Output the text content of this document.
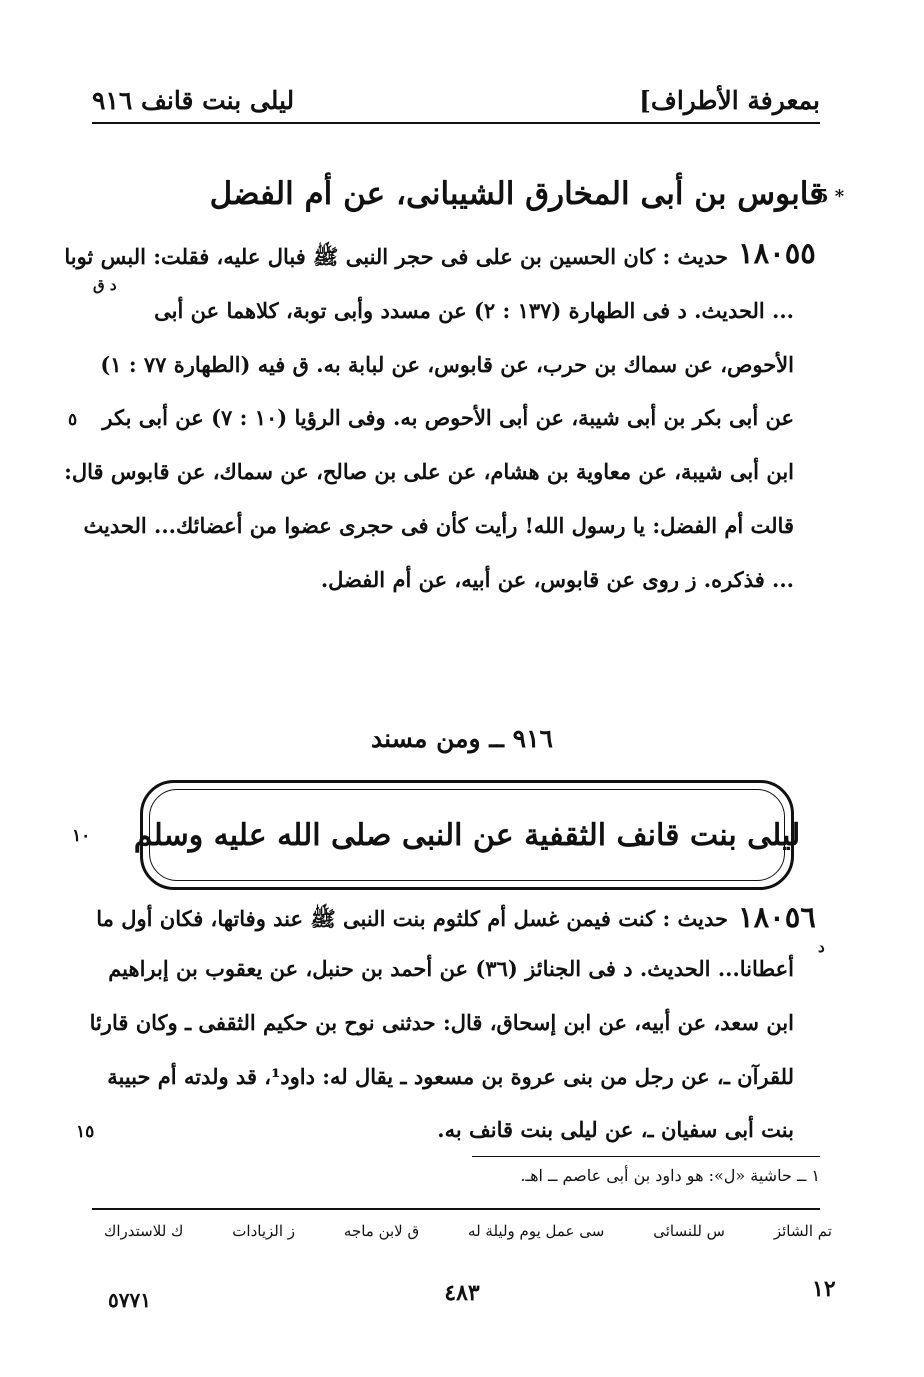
بمعرفة الأطراف]
ليلى بنت قانف ٩١٦
قابوس بن أبى المخارق الشيبانى، عن أم الفضل
5 *
١٨٠٥٥
حديث : كان الحسين بن على فى حجر النبى ﷺ فبال عليه، فقلت: البس ثوبا
د ق
... الحديث. د فى الطهارة (١٣٧ : ٢) عن مسدد وأبى توبة، كلاهما عن أبى
الأحوص، عن سماك بن حرب، عن قابوس، عن لبابة به. ق فيه (الطهارة ٧٧ : ١)
عن أبى بكر بن أبى شيبة، عن أبى الأحوص به. وفى الرؤيا (١٠ : ٧) عن أبى بكر
٥
ابن أبى شيبة، عن معاوية بن هشام، عن على بن صالح، عن سماك، عن قابوس قال:
قالت أم الفضل: يا رسول الله! رأيت كأن فى حجرى عضوا من أعضائك... الحديث
... فذكره. ز روى عن قابوس، عن أبيه، عن أم الفضل.
٩١٦ ــ ومن مسند
ليلى بنت قانف الثقفية عن النبى صلى الله عليه وسلم
١٠
١٨٠٥٦
حديث : كنت فيمن غسل أم كلثوم بنت النبى ﷺ عند وفاتها، فكان أول ما
د
أعطانا... الحديث. د فى الجنائز (٣٦) عن أحمد بن حنبل، عن يعقوب بن إبراهيم
ابن سعد، عن أبيه، عن ابن إسحاق، قال: حدثنى نوح بن حكيم الثقفى ـ وكان قارئا
للقرآن ـ، عن رجل من بنى عروة بن مسعود ـ يقال له: داود¹، قد ولدته أم حبيبة
بنت أبى سفيان ـ، عن ليلى بنت قانف به.
١٥
١ ــ حاشية «ل»: هو داود بن أبى عاصم ــ اهـ.
تم الشائز
س للنسائى
سى عمل يوم وليلة له
ق لابن ماجه
ز الزيادات
ك للاستدراك
١٢
٤٨٣
٥٧٧١
